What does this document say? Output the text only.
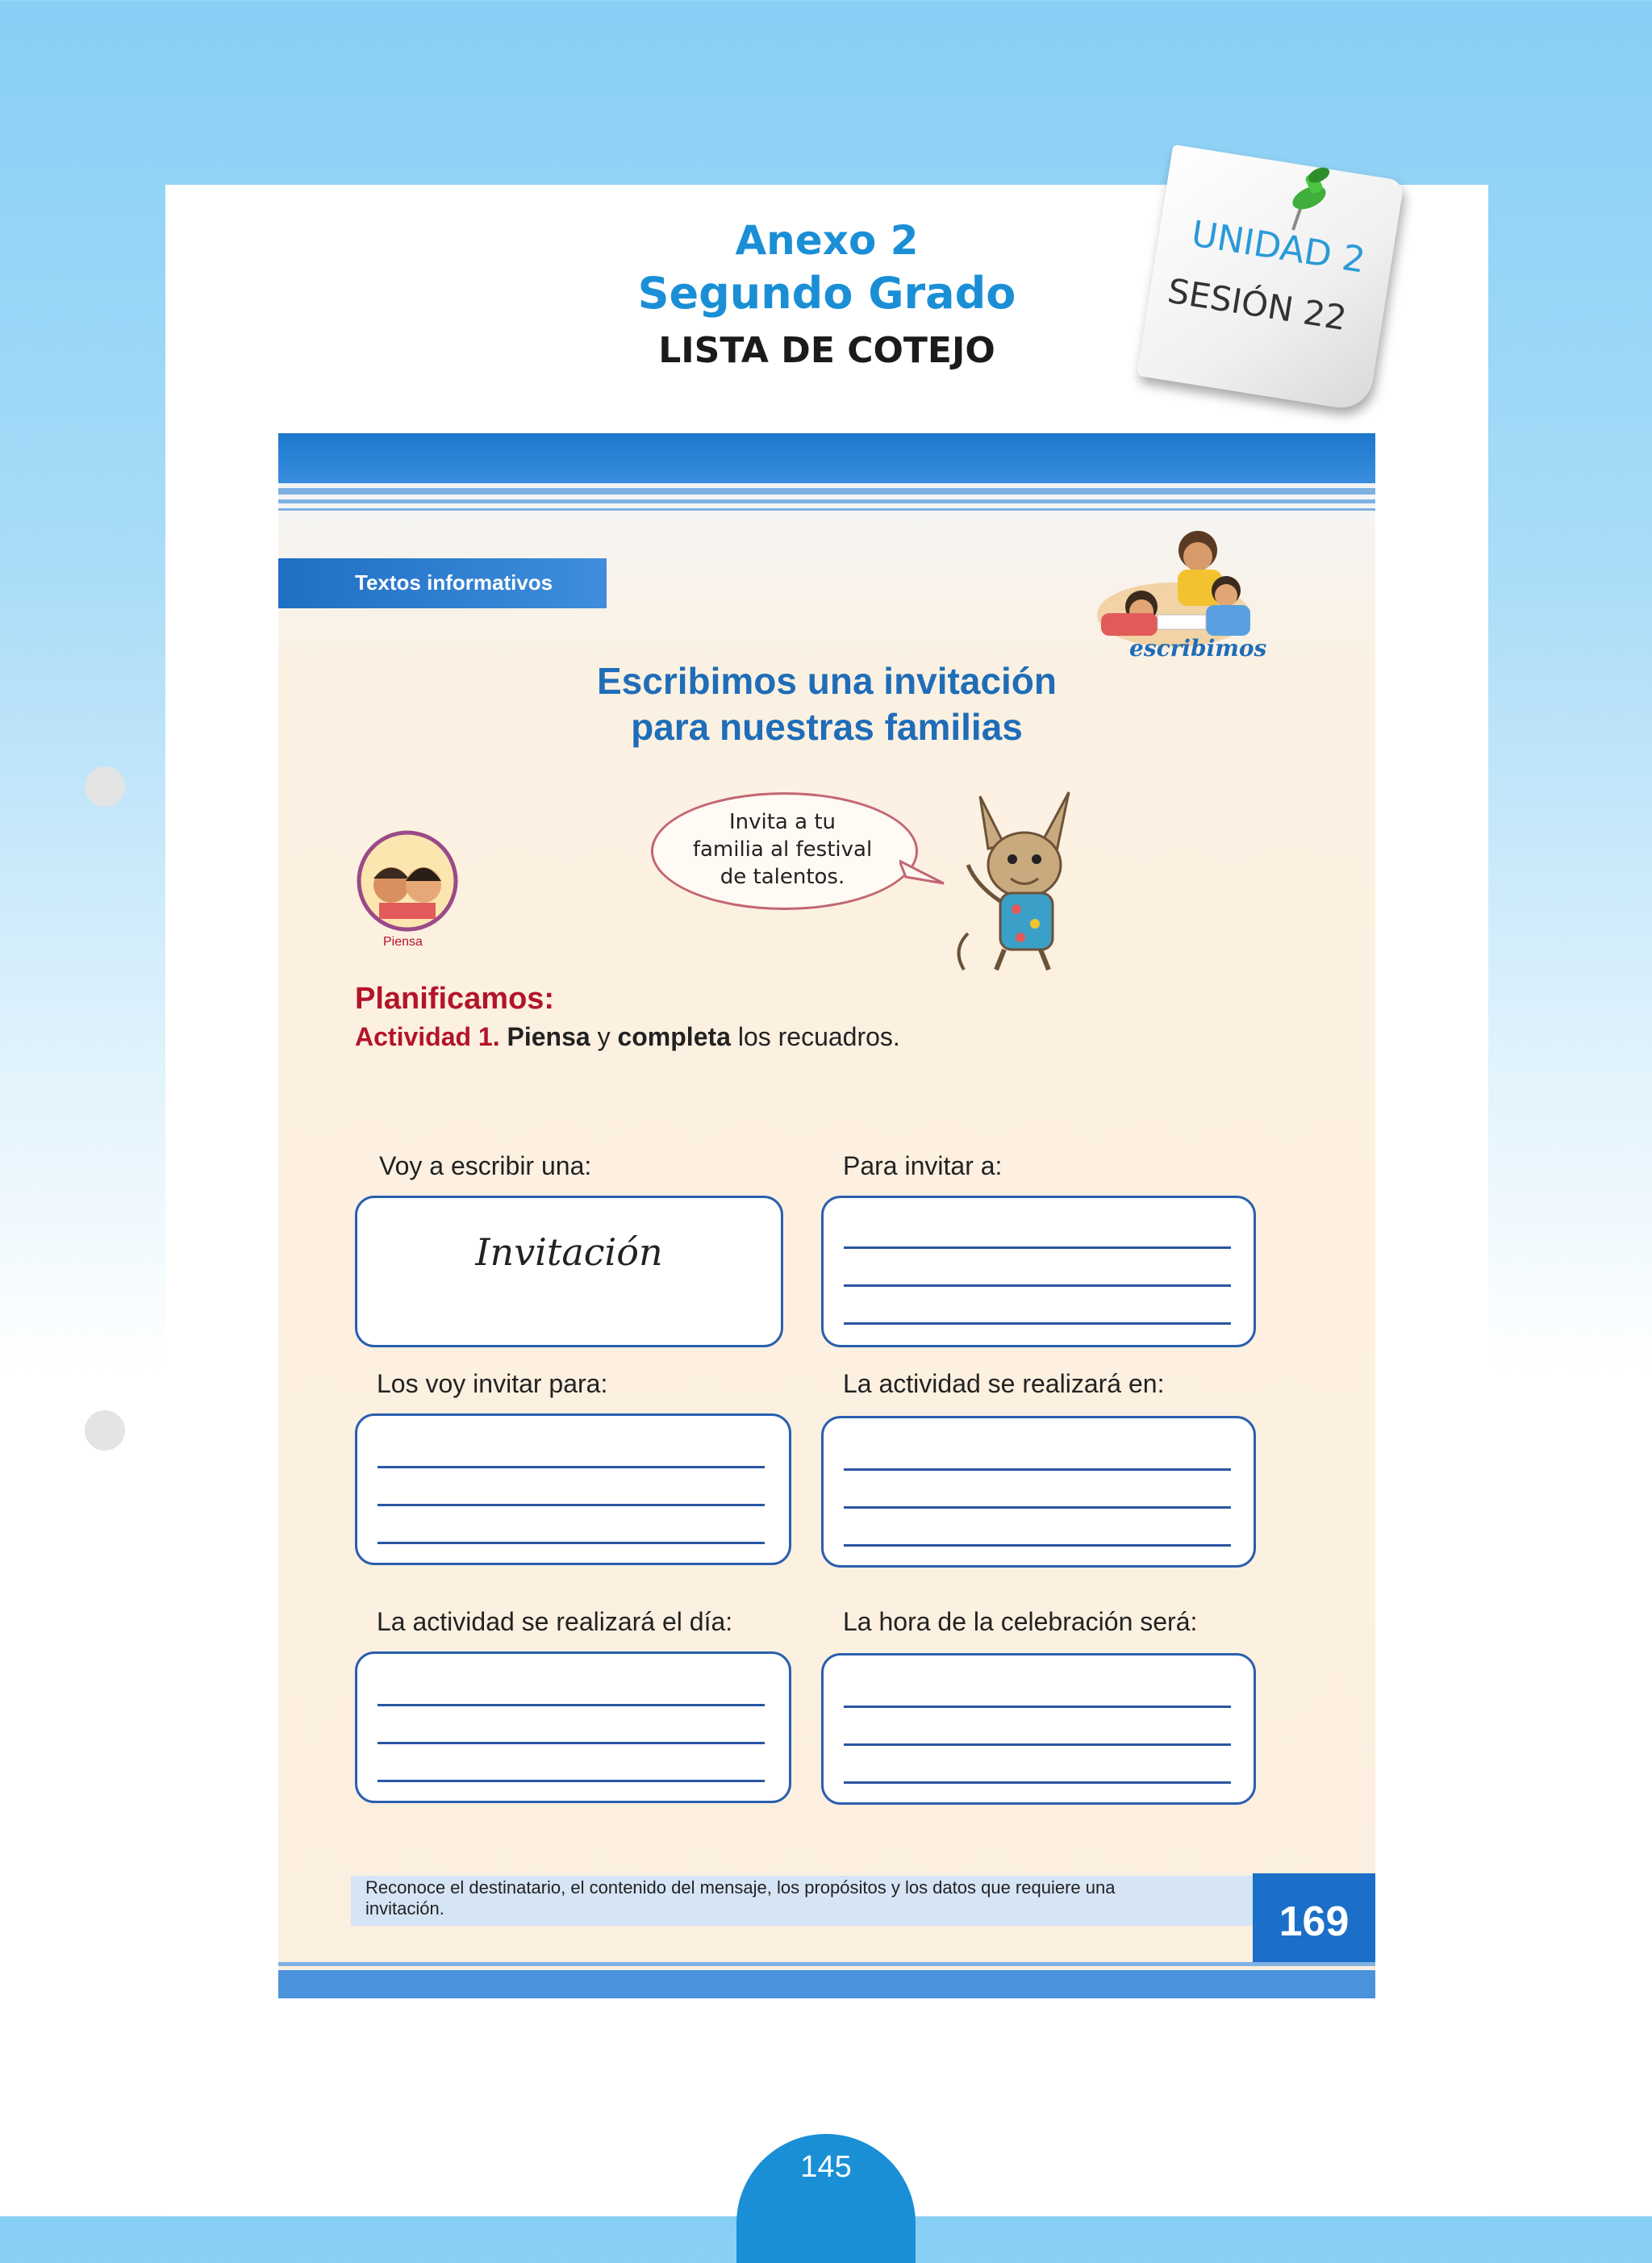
Anexo 2
Segundo Grado
LISTA DE COTEJO
Textos informativos
escribimos
Escribimos una invitación
para nuestras familias
Piensa
Invita a tu
familia al festival
de talentos.
Planificamos:
Actividad 1. Piensa y completa los recuadros.
Voy a escribir una:
Invitación
Para invitar a:
Los voy invitar para:	La actividad se realizará en:
La actividad se realizará el día:	La hora de la celebración será:
Reconoce el destinatario, el contenido del mensaje, los propósitos y los datos que requiere una invitación.	169
UNIDAD 2
SESIÓN 22
145
